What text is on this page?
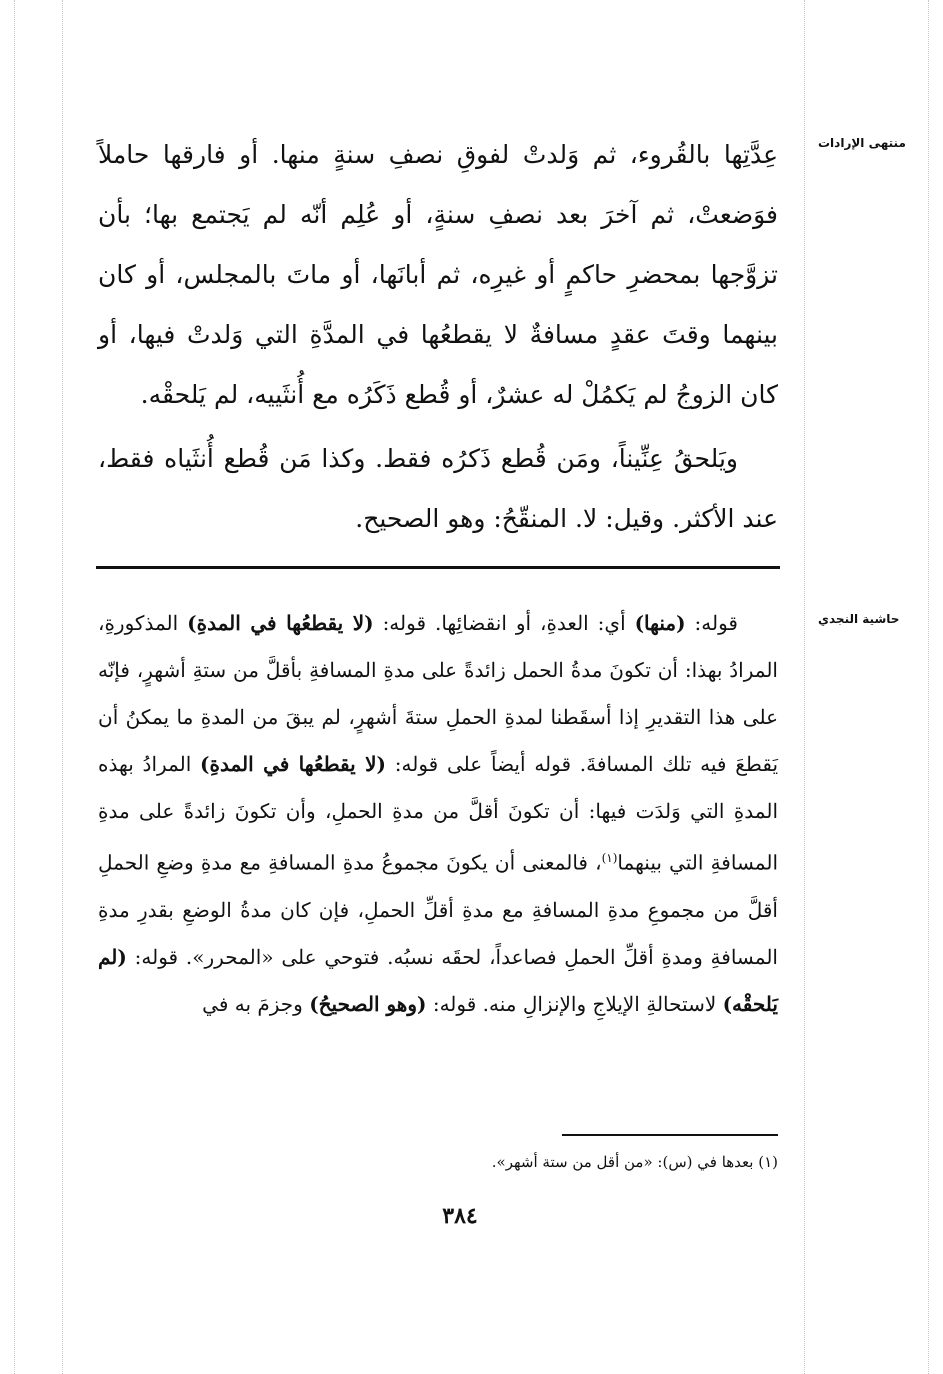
منتهى الإرادات
حاشية النجدي

عِدَّتِها بالقُروء، ثم وَلدتْ لفوقِ نصفِ سنةٍ منها. أو فارقها حاملاً فوَضعتْ، ثم آخرَ بعد نصفِ سنةٍ، أو عُلِم أنّه لم يَجتمع بها؛ بأن تزوَّجها بمحضرِ حاكمٍ أو غيرِه، ثم أبانَها، أو ماتَ بالمجلس، أو كان بينهما وقتَ عقدٍ مسافةٌ لا يقطعُها في المدَّةِ التي وَلدتْ فيها، أو كان الزوجُ لم يَكمُلْ له عشرٌ، أو قُطع ذَكَرُه مع أُنثَييه، لم يَلحقْه.

ويَلحقُ عِنِّيناً، ومَن قُطع ذَكرُه فقط. وكذا مَن قُطع أُنثَياه فقط، عند الأكثر. وقيل: لا. المنقّحُ: وهو الصحيح.

قوله: (منها) أي: العدةِ، أو انقضائِها. قوله: (لا يقطعُها في المدةِ) المذكورةِ، المرادُ بهذا: أن تكونَ مدةُ الحمل زائدةً على مدةِ المسافةِ بأقلَّ من ستةِ أشهرٍ، فإنّه على هذا التقديرِ إذا أسقَطنا لمدةِ الحملِ ستةَ أشهرٍ، لم يبقَ من المدةِ ما يمكنُ أن يَقطعَ فيه تلك المسافةَ. قوله أيضاً على قوله: (لا يقطعُها في المدةِ) المرادُ بهذه المدةِ التي وَلدَت فيها: أن تكونَ أقلَّ من مدةِ الحملِ، وأن تكونَ زائدةً على مدةِ المسافةِ التي بينهما$^{(١)}$، فالمعنى أن يكونَ مجموعُ مدةِ المسافةِ مع مدةِ وضعِ الحملِ أقلَّ من مجموعِ مدةِ المسافةِ مع مدةِ أقلِّ الحملِ، فإن كان مدةُ الوضعِ بقدرِ مدةِ المسافةِ ومدةِ أقلِّ الحملِ فصاعداً، لحقَه نسبُه. فتوحي على «المحرر». قوله: (لم يَلحقْه) لاستحالةِ الإيلاجِ والإنزالِ منه. قوله: (وهو الصحيحُ) وجزمَ به في

(١) بعدها في (س): «من أقل من ستة أشهر».
٣٨٤
